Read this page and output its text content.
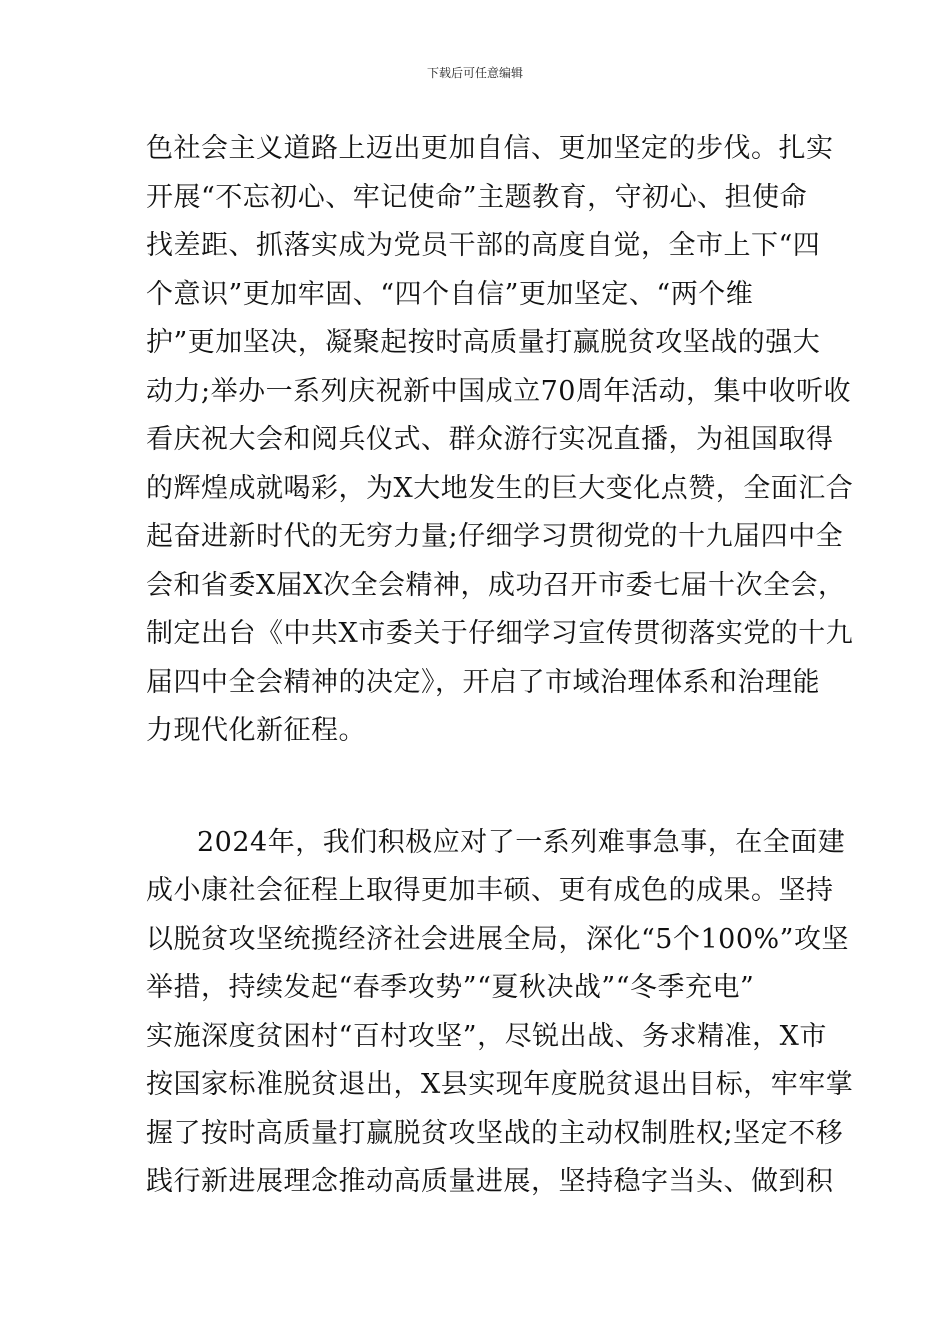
下载后可任意编辑
色社会主义道路上迈出更加自信、更加坚定的步伐。扎实
开展“不忘初心、牢记使命”主题教育，守初心、担使命
找差距、抓落实成为党员干部的高度自觉，全市上下“四
个意识”更加牢固、“四个自信”更加坚定、“两个维
护”更加坚决，凝聚起按时高质量打赢脱贫攻坚战的强大
动力;举办一系列庆祝新中国成立70周年活动，集中收听收
看庆祝大会和阅兵仪式、群众游行实况直播，为祖国取得
的辉煌成就喝彩，为X大地发生的巨大变化点赞，全面汇合
起奋进新时代的无穷力量;仔细学习贯彻党的十九届四中全
会和省委X届X次全会精神，成功召开市委七届十次全会，
制定出台《中共X市委关于仔细学习宣传贯彻落实党的十九
届四中全会精神的决定》，开启了市域治理体系和治理能
力现代化新征程。
2024年，我们积极应对了一系列难事急事，在全面建
成小康社会征程上取得更加丰硕、更有成色的成果。坚持
以脱贫攻坚统揽经济社会进展全局，深化“5个100%”攻坚
举措，持续发起“春季攻势”“夏秋决战”“冬季充电”
实施深度贫困村“百村攻坚”，尽锐出战、务求精准，X市
按国家标准脱贫退出，X县实现年度脱贫退出目标，牢牢掌
握了按时高质量打赢脱贫攻坚战的主动权制胜权;坚定不移
践行新进展理念推动高质量进展，坚持稳字当头、做到积
